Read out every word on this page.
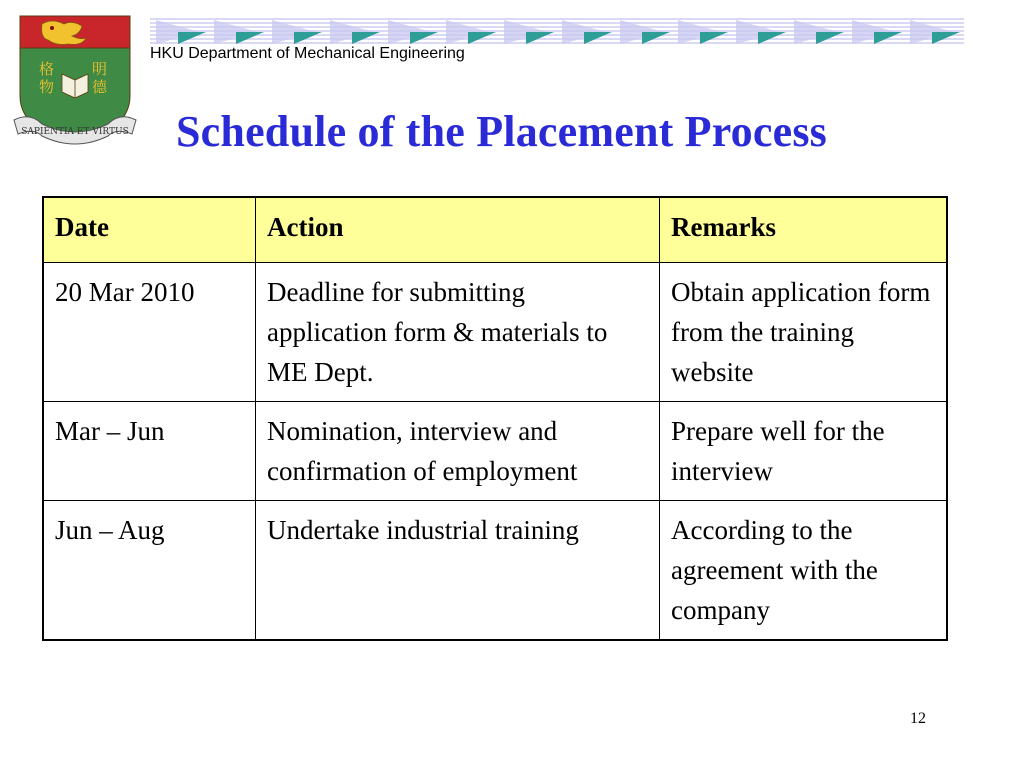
格	明
物	德
SAPIENTIA ET VIRTUS
HKU Department of Mechanical Engineering
Schedule of the Placement Process
Date	Action	Remarks
20 Mar 2010	Deadline for submitting application form & materials to ME Dept.	Obtain application form from the training website
Mar – Jun	Nomination, interview and confirmation of employment	Prepare well for the interview
Jun – Aug	Undertake industrial training	According to the agreement with the company
12
